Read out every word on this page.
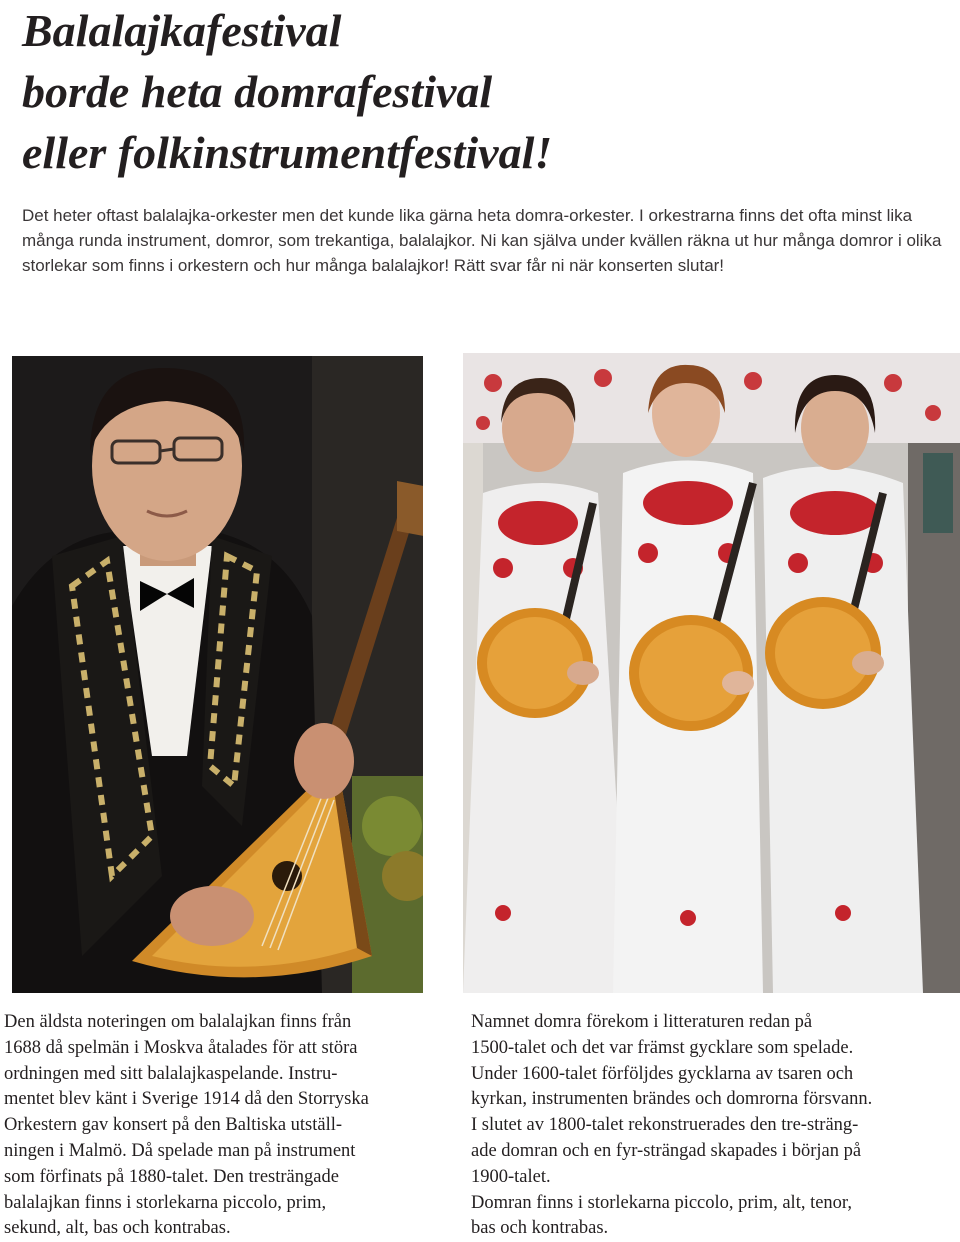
Balalajkafestival
borde heta domrafestival
eller folkinstrumentfestival!

Det heter oftast balalajka-orkester men det kunde lika gärna heta domra-orkester. I orkestrarna finns det ofta minst lika många runda instrument, domror, som trekantiga, balalajkor. Ni kan själva under kvällen räkna ut hur många domror i olika storlekar som finns i orkestern och hur många balalajkor! Rätt svar får ni när konserten slutar!

Den äldsta noteringen om balalajkan finns från

1688 då spelmän i Moskva åtalades för att störa

ordningen med sitt balalajkaspelande. Instru-

mentet blev känt i Sverige 1914 då den Storryska

Orkestern gav konsert på den Baltiska utställ-

ningen i Malmö. Då spelade man på instrument

som förfinats på 1880-talet. Den tresträngade

balalajkan finns i storlekarna piccolo, prim,

sekund, alt, bas och kontrabas.

Namnet domra förekom i litteraturen redan på

1500-talet och det var främst gycklare som spelade.

Under 1600-talet förföljdes gycklarna av tsaren och

kyrkan, instrumenten brändes och domrorna försvann.

I slutet av 1800-talet rekonstruerades den tre-sträng-

ade domran och en fyr-strängad skapades i början på

1900-talet.

Domran finns i storlekarna piccolo, prim, alt, tenor,

bas och kontrabas.
